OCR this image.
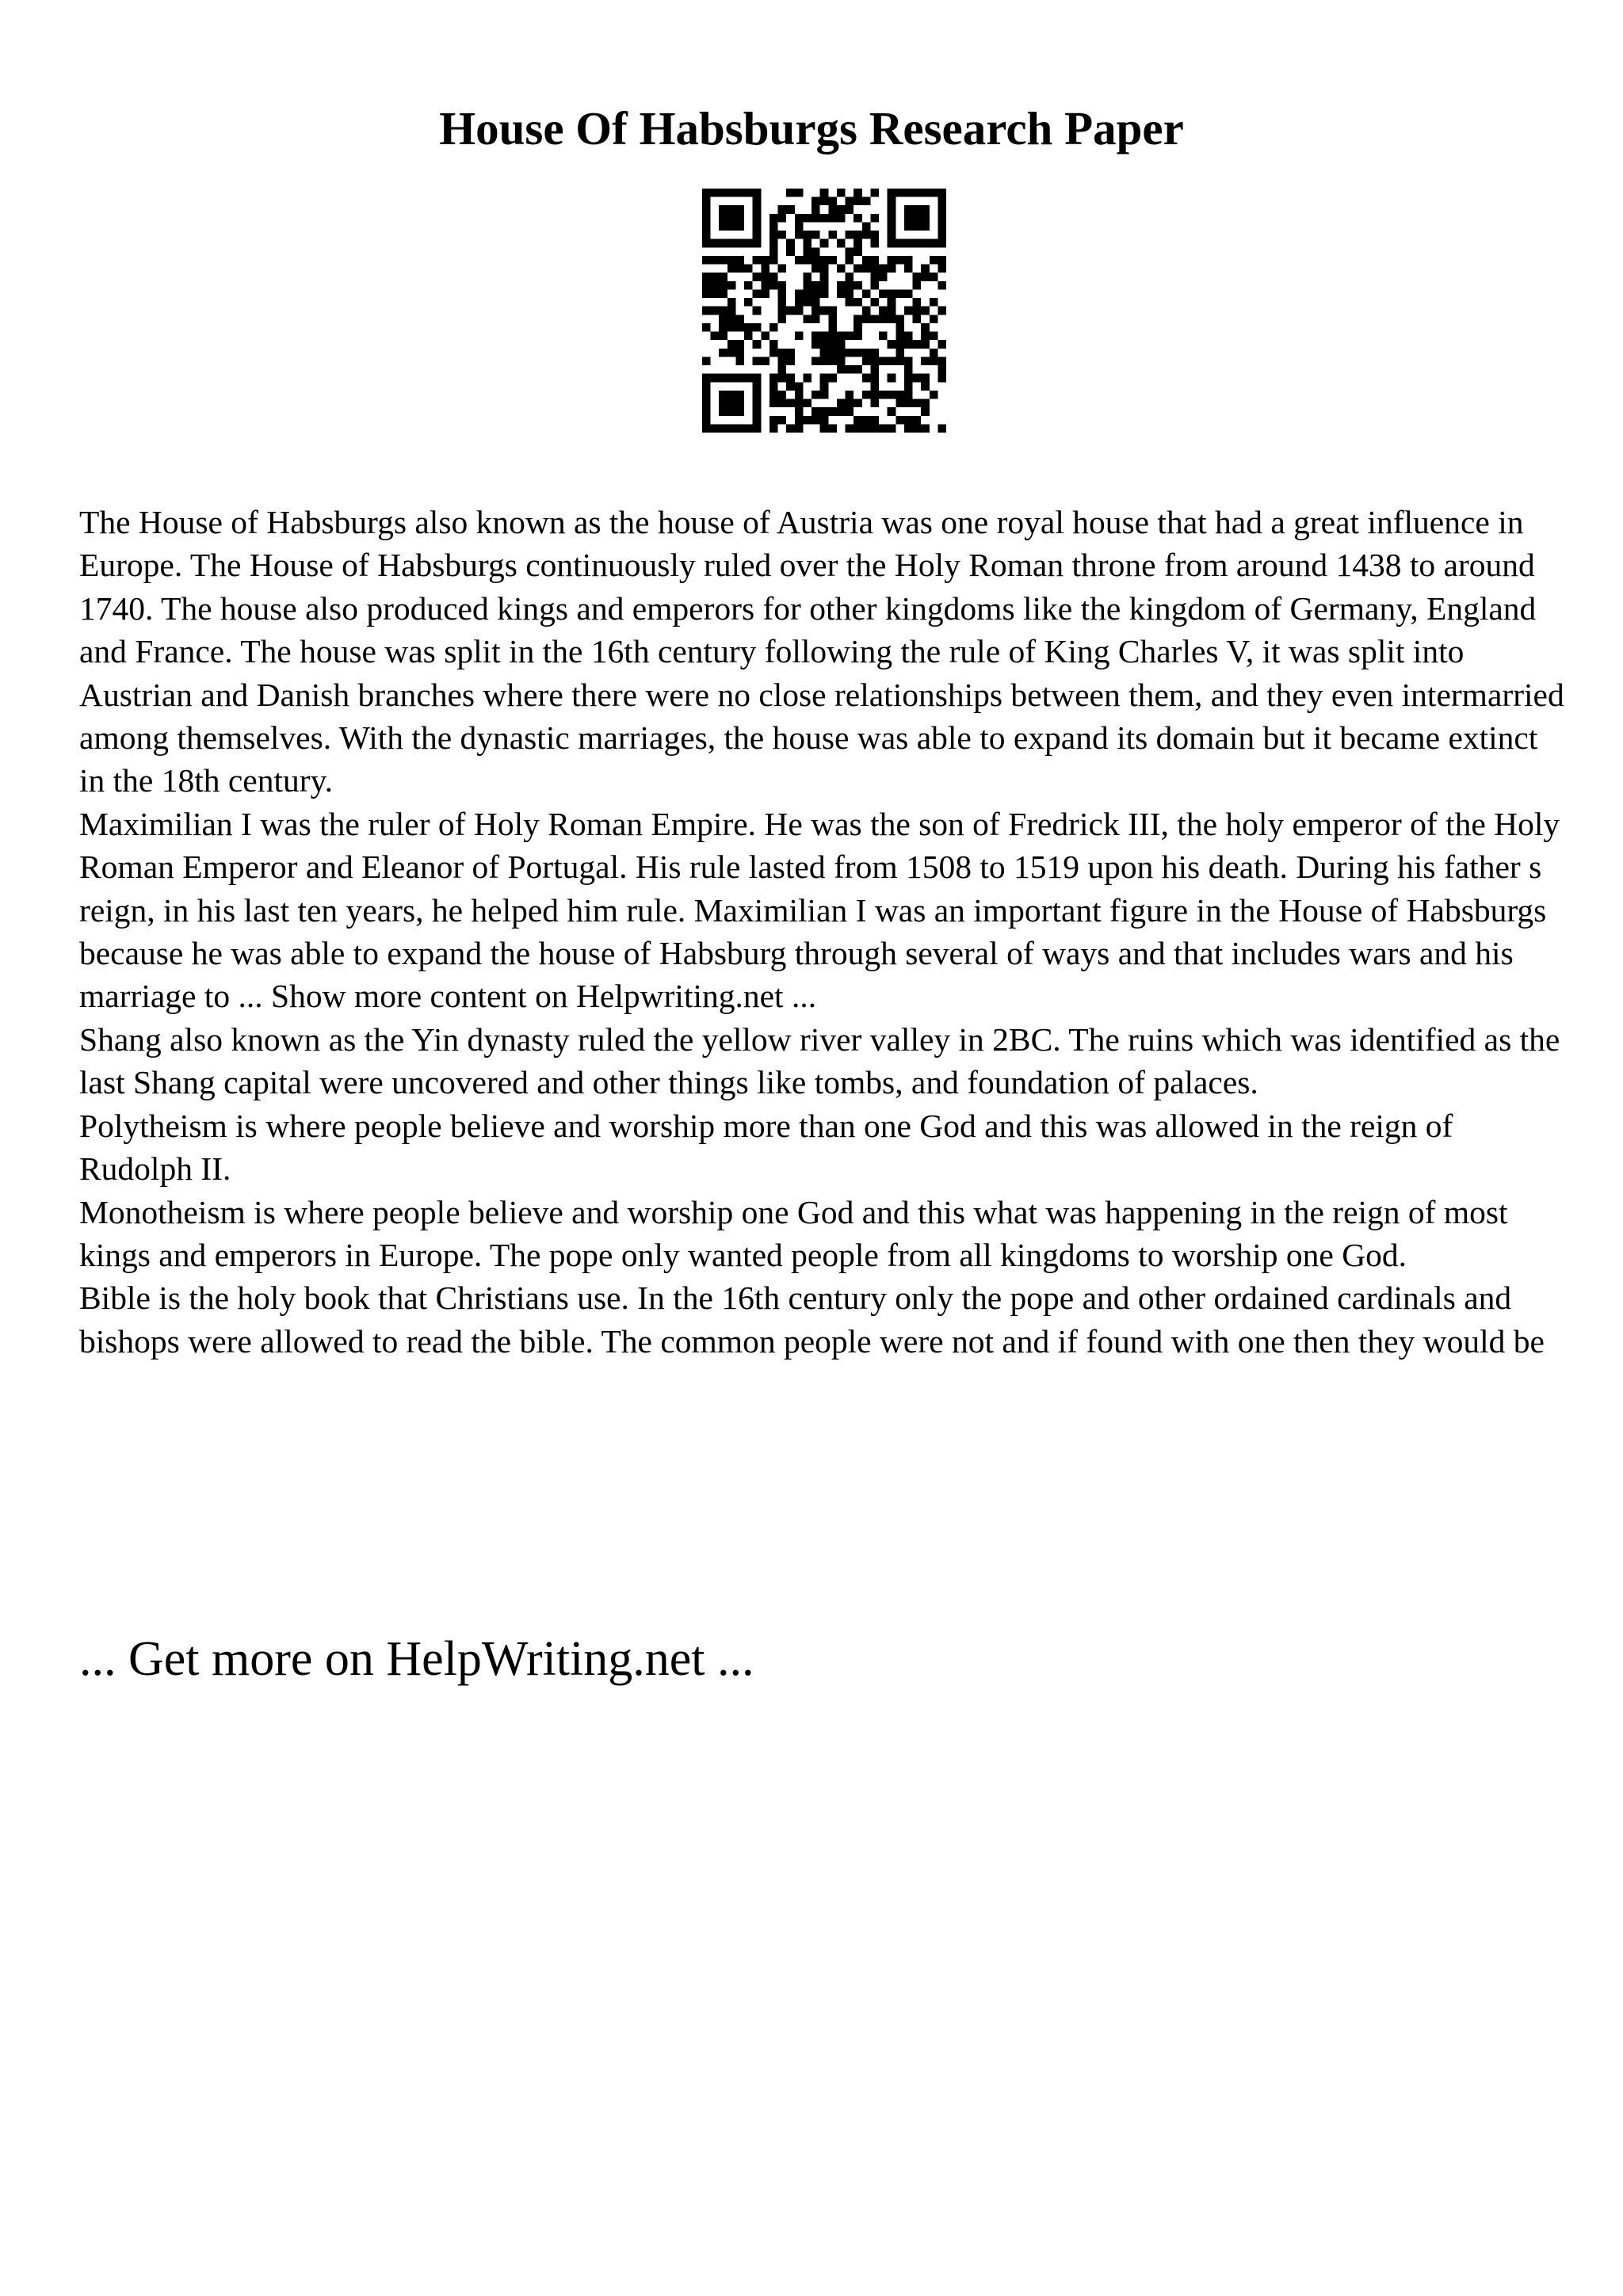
House Of Habsburgs Research Paper

The House of Habsburgs also known as the house of Austria was one royal house that had a great influence in Europe. The House of Habsburgs continuously ruled over the Holy Roman throne from around 1438 to around 1740. The house also produced kings and emperors for other kingdoms like the kingdom of Germany, England and France. The house was split in the 16th century following the rule of King Charles V, it was split into Austrian and Danish branches where there were no close relationships between them, and they even intermarried among themselves. With the dynastic marriages, the house was able to expand its domain but it became extinct in the 18th century.

Maximilian I was the ruler of Holy Roman Empire. He was the son of Fredrick III, the holy emperor of the Holy Roman Emperor and Eleanor of Portugal. His rule lasted from 1508 to 1519 upon his death. During his father s reign, in his last ten years, he helped him rule. Maximilian I was an important figure in the House of Habsburgs because he was able to expand the house of Habsburg through several of ways and that includes wars and his marriage to ... Show more content on Helpwriting.net ...

Shang also known as the Yin dynasty ruled the yellow river valley in 2BC. The ruins which was identified as the last Shang capital were uncovered and other things like tombs, and foundation of palaces.

Polytheism is where people believe and worship more than one God and this was allowed in the reign of Rudolph II.

Monotheism is where people believe and worship one God and this what was happening in the reign of most kings and emperors in Europe. The pope only wanted people from all kingdoms to worship one God.

Bible is the holy book that Christians use. In the 16th century only the pope and other ordained cardinals and bishops were allowed to read the bible. The common people were not and if found with one then they would be

... Get more on HelpWriting.net ...
